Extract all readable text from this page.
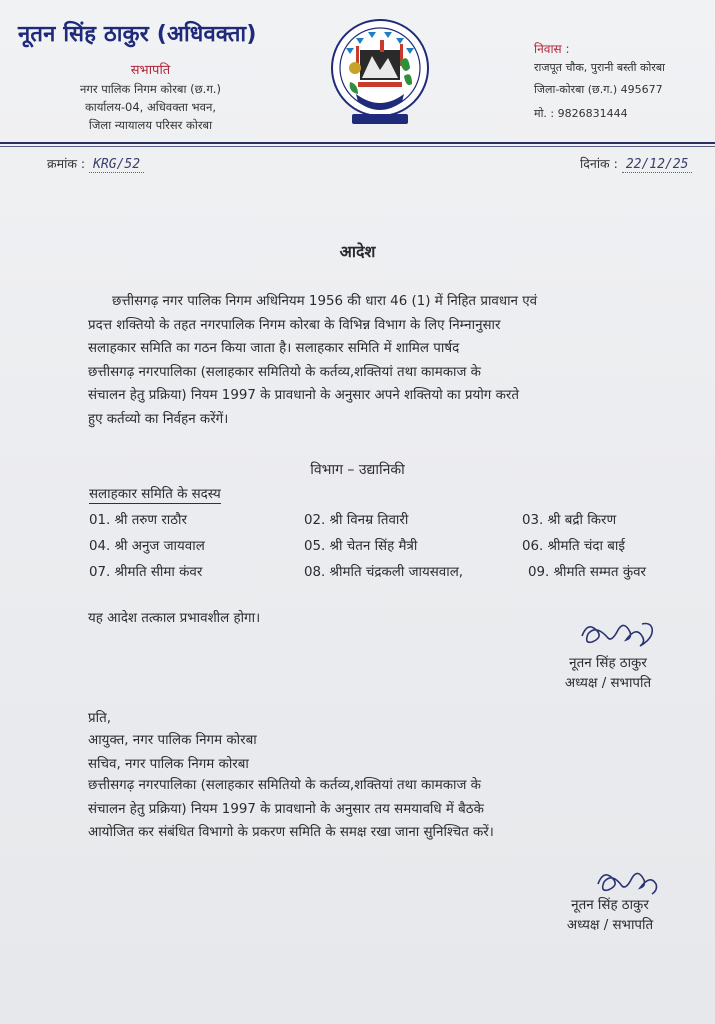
नूतन सिंह ठाकुर (अधिवक्ता)
सभापति
नगर पालिक निगम कोरबा (छ.ग.)
कार्यालय-04, अधिवक्ता भवन,
जिला न्यायालय परिसर कोरबा
निवास :
राजपूत चौक, पुरानी बस्ती कोरबा
जिला-कोरबा (छ.ग.) 495677
मो. : 9826831444
क्रमांक : KRG/52	दिनांक : 22/12/25
आदेश
छत्तीसगढ़ नगर पालिक निगम अधिनियम 1956 की धारा 46 (1) में निहित प्रावधान एवं
प्रदत्त शक्तियो के तहत नगरपालिक निगम कोरबा के विभिन्न विभाग के लिए निम्नानुसार
सलाहकार समिति का गठन किया जाता है। सलाहकार समिति में शामिल पार्षद
छत्तीसगढ़ नगरपालिका (सलाहकार समितियो के कर्तव्य,शक्तियां तथा कामकाज के
संचालन हेतु प्रक्रिया) नियम 1997 के प्रावधानो के अनुसार अपने शक्तियो का प्रयोग करते
हुए कर्तव्यो का निर्वहन करेंगें।
विभाग – उद्यानिकी
सलाहकार समिति के सदस्य
01. श्री तरुण राठौर	02. श्री विनम्र तिवारी	03. श्री बद्री किरण
04. श्री अनुज जायवाल	05. श्री चेतन सिंह मैत्री	06. श्रीमति चंदा बाई
07. श्रीमति सीमा कंवर	08. श्रीमति चंद्रकली जायसवाल,	09. श्रीमति सम्मत कुंवर
यह आदेश तत्काल प्रभावशील होगा।
नूतन सिंह ठाकुर
अध्यक्ष / सभापति
प्रति,
आयुक्त, नगर पालिक निगम कोरबा
सचिव, नगर पालिक निगम कोरबा
छत्तीसगढ़ नगरपालिका (सलाहकार समितियो के कर्तव्य,शक्तियां तथा कामकाज के
संचालन हेतु प्रक्रिया) नियम 1997 के प्रावधानो के अनुसार तय समयावधि में बैठके
आयोजित कर संबंधित विभागो के प्रकरण समिति के समक्ष रखा जाना सुनिश्चित करें।
नूतन सिंह ठाकुर
अध्यक्ष / सभापति
